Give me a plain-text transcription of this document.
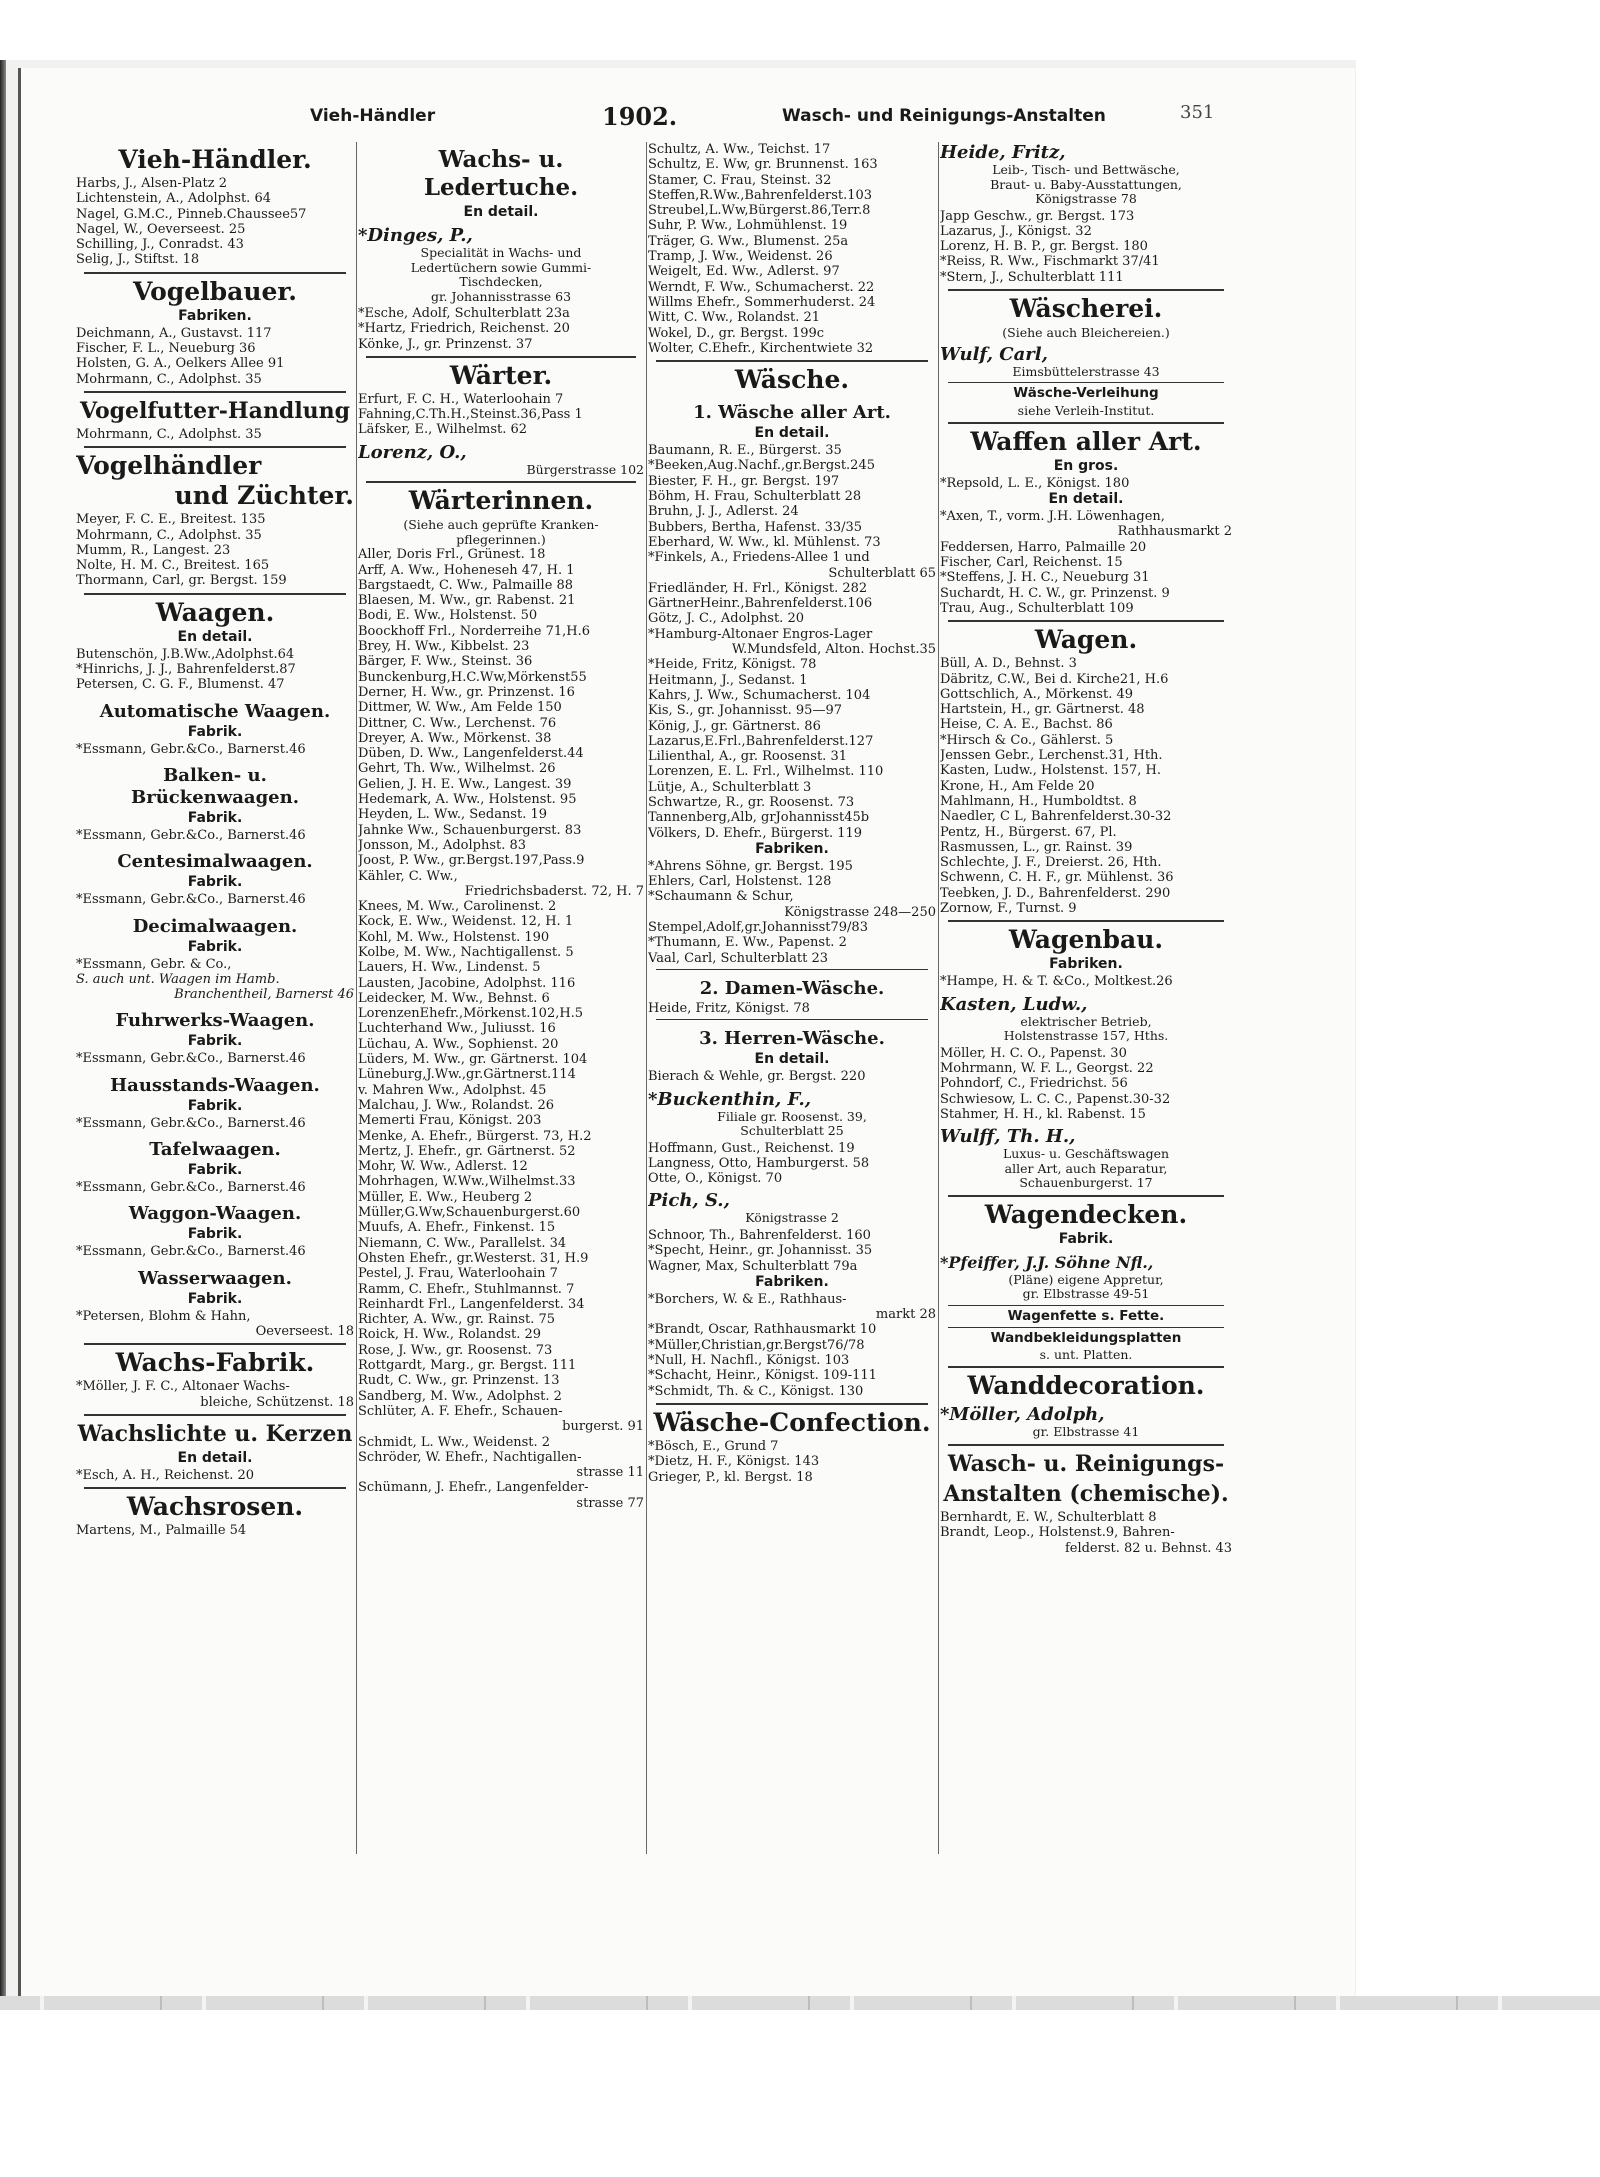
Vieh-Händler	1902.	Wasch- und Reinigungs-Anstalten	351
Vieh-Händler.
Harbs, J., Alsen-Platz 2
Lichtenstein, A., Adolphst. 64
Nagel, G.M.C., Pinneb.Chaussee57
Nagel, W., Oeverseest. 25
Schilling, J., Conradst. 43
Selig, J., Stiftst. 18
Vogelbauer.
Fabriken.
Deichmann, A., Gustavst. 117
Fischer, F. L., Neueburg 36
Holsten, G. A., Oelkers Allee 91
Mohrmann, C., Adolphst. 35
Vogelfutter-Handlung
Mohrmann, C., Adolphst. 35
Vogelhändler
und Züchter.
Meyer, F. C. E., Breitest. 135
Mohrmann, C., Adolphst. 35
Mumm, R., Langest. 23
Nolte, H. M. C., Breitest. 165
Thormann, Carl, gr. Bergst. 159
Waagen.
En detail.
Butenschön, J.B.Ww.,Adolphst.64
*Hinrichs, J. J., Bahrenfelderst.87
Petersen, C. G. F., Blumenst. 47
Automatische Waagen.
Fabrik.
*Essmann, Gebr.&Co., Barnerst.46
Balken- u. Brückenwaagen.
Fabrik.
*Essmann, Gebr.&Co., Barnerst.46
Centesimalwaagen.
Fabrik.
*Essmann, Gebr.&Co., Barnerst.46
Decimalwaagen.
Fabrik.
*Essmann, Gebr. & Co.,
S. auch unt. Waagen im Hamb.
Branchentheil, Barnerst 46
Fuhrwerks-Waagen.
Fabrik.
*Essmann, Gebr.&Co., Barnerst.46
Hausstands-Waagen.
Fabrik.
*Essmann, Gebr.&Co., Barnerst.46
Tafelwaagen.
Fabrik.
*Essmann, Gebr.&Co., Barnerst.46
Waggon-Waagen.
Fabrik.
*Essmann, Gebr.&Co., Barnerst.46
Wasserwaagen.
Fabrik.
*Petersen, Blohm & Hahn,
Oeverseest. 18
Wachs-Fabrik.
*Möller, J. F. C., Altonaer Wachs-
bleiche, Schützenst. 18
Wachslichte u. Kerzen
En detail.
*Esch, A. H., Reichenst. 20
Wachsrosen.
Martens, M., Palmaille 54
Wachs- u. Ledertuche.
En detail.
*Dinges, P.,
Specialität in Wachs- und
Ledertüchern sowie Gummi-
Tischdecken,
gr. Johannisstrasse 63
*Esche, Adolf, Schulterblatt 23a
*Hartz, Friedrich, Reichenst. 20
Könke, J., gr. Prinzenst. 37
Wärter.
Erfurt, F. C. H., Waterloohain 7
Fahning,C.Th.H.,Steinst.36,Pass 1
Läfsker, E., Wilhelmst. 62
Lorenz, O.,
Bürgerstrasse 102
Wärterinnen.
(Siehe auch geprüfte Kranken-
pflegerinnen.)
Aller, Doris Frl., Grünest. 18
Arff, A. Ww., Hoheneseh 47, H. 1
Bargstaedt, C. Ww., Palmaille 88
Blaesen, M. Ww., gr. Rabenst. 21
Bodi, E. Ww., Holstenst. 50
Boockhoff Frl., Norderreihe 71,H.6
Brey, H. Ww., Kibbelst. 23
Bärger, F. Ww., Steinst. 36
Bunckenburg,H.C.Ww,Mörkenst55
Derner, H. Ww., gr. Prinzenst. 16
Dittmer, W. Ww., Am Felde 150
Dittner, C. Ww., Lerchenst. 76
Dreyer, A. Ww., Mörkenst. 38
Düben, D. Ww., Langenfelderst.44
Gehrt, Th. Ww., Wilhelmst. 26
Gelien, J. H. E. Ww., Langest. 39
Hedemark, A. Ww., Holstenst. 95
Heyden, L. Ww., Sedanst. 19
Jahnke Ww., Schauenburgerst. 83
Jonsson, M., Adolphst. 83
Joost, P. Ww., gr.Bergst.197,Pass.9
Kähler, C. Ww.,
Friedrichsbaderst. 72, H. 7
Knees, M. Ww., Carolinenst. 2
Kock, E. Ww., Weidenst. 12, H. 1
Kohl, M. Ww., Holstenst. 190
Kolbe, M. Ww., Nachtigallenst. 5
Lauers, H. Ww., Lindenst. 5
Lausten, Jacobine, Adolphst. 116
Leidecker, M. Ww., Behnst. 6
LorenzenEhefr.,Mörkenst.102,H.5
Luchterhand Ww., Juliusst. 16
Lüchau, A. Ww., Sophienst. 20
Lüders, M. Ww., gr. Gärtnerst. 104
Lüneburg,J.Ww.,gr.Gärtnerst.114
v. Mahren Ww., Adolphst. 45
Malchau, J. Ww., Rolandst. 26
Memerti Frau, Königst. 203
Menke, A. Ehefr., Bürgerst. 73, H.2
Mertz, J. Ehefr., gr. Gärtnerst. 52
Mohr, W. Ww., Adlerst. 12
Mohrhagen, W.Ww.,Wilhelmst.33
Müller, E. Ww., Heuberg 2
Müller,G.Ww,Schauenburgerst.60
Muufs, A. Ehefr., Finkenst. 15
Niemann, C. Ww., Parallelst. 34
Öhsten Ehefr., gr.Westerst. 31, H.9
Pestel, J. Frau, Waterloohain 7
Ramm, C. Ehefr., Stuhlmannst. 7
Reinhardt Frl., Langenfelderst. 34
Richter, A. Ww., gr. Rainst. 75
Roick, H. Ww., Rolandst. 29
Rose, J. Ww., gr. Roosenst. 73
Rottgardt, Marg., gr. Bergst. 111
Rudt, C. Ww., gr. Prinzenst. 13
Sandberg, M. Ww., Adolphst. 2
Schlüter, A. F. Ehefr., Schauen-
burgerst. 91
Schmidt, L. Ww., Weidenst. 2
Schröder, W. Ehefr., Nachtigallen-
strasse 11
Schümann, J. Ehefr., Langenfelder-
strasse 77
Schultz, A. Ww., Teichst. 17
Schultz, E. Ww, gr. Brunnenst. 163
Stamer, C. Frau, Steinst. 32
Steffen,R.Ww.,Bahrenfelderst.103
Streubel,L.Ww,Bürgerst.86,Terr.8
Suhr, P. Ww., Lohmühlenst. 19
Träger, G. Ww., Blumenst. 25a
Tramp, J. Ww., Weidenst. 26
Weigelt, Ed. Ww., Adlerst. 97
Werndt, F. Ww., Schumacherst. 22
Willms Ehefr., Sommerhuderst. 24
Witt, C. Ww., Rolandst. 21
Wokel, D., gr. Bergst. 199c
Wolter, C.Ehefr., Kirchentwiete 32
Wäsche.
1. Wäsche aller Art.
En detail.
Baumann, R. E., Bürgerst. 35
*Beeken,Aug.Nachf.,gr.Bergst.245
Biester, F. H., gr. Bergst. 197
Böhm, H. Frau, Schulterblatt 28
Bruhn, J. J., Adlerst. 24
Bubbers, Bertha, Hafenst. 33/35
Eberhard, W. Ww., kl. Mühlenst. 73
*Finkels, A., Friedens-Allee 1 und
Schulterblatt 65
Friedländer, H. Frl., Königst. 282
GärtnerHeinr.,Bahrenfelderst.106
Götz, J. C., Adolphst. 20
*Hamburg-Altonaer Engros-Lager
W.Mundsfeld, Alton. Hochst.35
*Heide, Fritz, Königst. 78
Heitmann, J., Sedanst. 1
Kahrs, J. Ww., Schumacherst. 104
Kis, S., gr. Johannisst. 95—97
König, J., gr. Gärtnerst. 86
Lazarus,E.Frl.,Bahrenfelderst.127
Lilienthal, A., gr. Roosenst. 31
Lorenzen, E. L. Frl., Wilhelmst. 110
Lütje, A., Schulterblatt 3
Schwartze, R., gr. Roosenst. 73
Tannenberg,Alb, grJohannisst45b
Völkers, D. Ehefr., Bürgerst. 119
Fabriken.
*Ahrens Söhne, gr. Bergst. 195
Ehlers, Carl, Holstenst. 128
*Schaumann & Schur,
Königstrasse 248—250
Stempel,Adolf,gr.Johannisst79/83
*Thumann, E. Ww., Papenst. 2
Vaal, Carl, Schulterblatt 23
2. Damen-Wäsche.
Heide, Fritz, Königst. 78
3. Herren-Wäsche.
En detail.
Bierach & Wehle, gr. Bergst. 220
*Buckenthin, F.,
Filiale gr. Roosenst. 39,
Schulterblatt 25
Hoffmann, Gust., Reichenst. 19
Langness, Otto, Hamburgerst. 58
Otte, O., Königst. 70
Pich, S.,
Königstrasse 2
Schnoor, Th., Bahrenfelderst. 160
*Specht, Heinr., gr. Johannisst. 35
Wagner, Max, Schulterblatt 79a
Fabriken.
*Borchers, W. & E., Rathhaus-
markt 28
*Brandt, Oscar, Rathhausmarkt 10
*Müller,Christian,gr.Bergst76/78
*Null, H. Nachfl., Königst. 103
*Schacht, Heinr., Königst. 109-111
*Schmidt, Th. & C., Königst. 130
Wäsche-Confection.
*Bösch, E., Grund 7
*Dietz, H. F., Königst. 143
Grieger, P., kl. Bergst. 18
Heide, Fritz,
Leib-, Tisch- und Bettwäsche,
Braut- u. Baby-Ausstattungen,
Königstrasse 78
Japp Geschw., gr. Bergst. 173
Lazarus, J., Königst. 32
Lorenz, H. B. P., gr. Bergst. 180
*Reiss, R. Ww., Fischmarkt 37/41
*Stern, J., Schulterblatt 111
Wäscherei.
(Siehe auch Bleichereien.)
Wulf, Carl,
Eimsbüttelerstrasse 43
Wäsche-Verleihung
siehe Verleih-Institut.
Waffen aller Art.
En gros.
*Repsold, L. E., Königst. 180
En detail.
*Axen, T., vorm. J.H. Löwenhagen,
Rathhausmarkt 2
Feddersen, Harro, Palmaille 20
Fischer, Carl, Reichenst. 15
*Steffens, J. H. C., Neueburg 31
Suchardt, H. C. W., gr. Prinzenst. 9
Trau, Aug., Schulterblatt 109
Wagen.
Büll, A. D., Behnst. 3
Däbritz, C.W., Bei d. Kirche21, H.6
Gottschlich, A., Mörkenst. 49
Hartstein, H., gr. Gärtnerst. 48
Heise, C. A. E., Bachst. 86
*Hirsch & Co., Gählerst. 5
Jenssen Gebr., Lerchenst.31, Hth.
Kasten, Ludw., Holstenst. 157, H.
Krone, H., Am Felde 20
Mahlmann, H., Humboldtst. 8
Naedler, C L, Bahrenfelderst.30-32
Pentz, H., Bürgerst. 67, Pl.
Rasmussen, L., gr. Rainst. 39
Schlechte, J. F., Dreierst. 26, Hth.
Schwenn, C. H. F., gr. Mühlenst. 36
Teebken, J. D., Bahrenfelderst. 290
Zornow, F., Turnst. 9
Wagenbau.
Fabriken.
*Hampe, H. & T. &Co., Moltkest.26
Kasten, Ludw.,
elektrischer Betrieb,
Holstenstrasse 157, Hths.
Möller, H. C. O., Papenst. 30
Mohrmann, W. F. L., Georgst. 22
Pohndorf, C., Friedrichst. 56
Schwiesow, L. C. C., Papenst.30-32
Stahmer, H. H., kl. Rabenst. 15
Wulff, Th. H.,
Luxus- u. Geschäftswagen
aller Art, auch Reparatur,
Schauenburgerst. 17
Wagendecken.
Fabrik.
*Pfeiffer, J.J. Söhne Nfl.,
(Pläne) eigene Appretur,
gr. Elbstrasse 49-51
Wagenfette s. Fette.
Wandbekleidungsplatten
s. unt. Platten.
Wanddecoration.
*Möller, Adolph,
gr. Elbstrasse 41
Wasch- u. Reinigungs-
Anstalten (chemische).
Bernhardt, E. W., Schulterblatt 8
Brandt, Leop., Holstenst.9, Bahren-
felderst. 82 u. Behnst. 43
